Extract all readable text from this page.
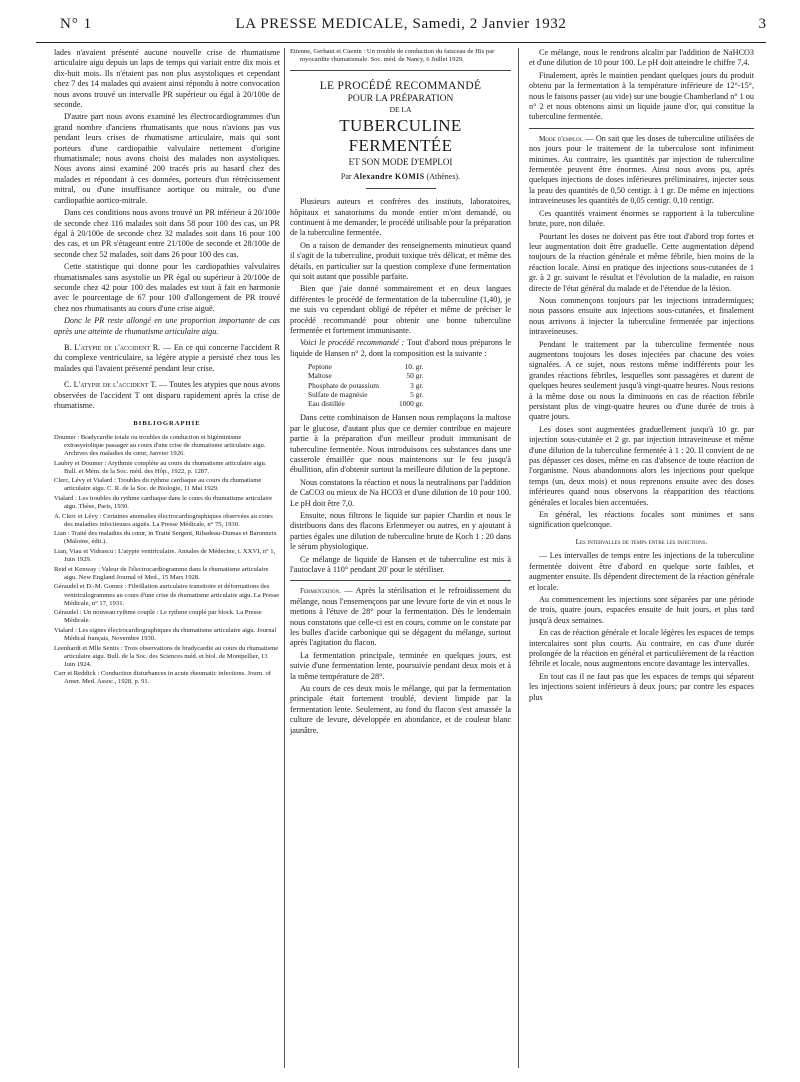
N° 1	LA PRESSE MEDICALE, Samedi, 2 Janvier 1932	3

lades n'avaient présenté aucune nouvelle crise de rhumatisme articulaire aigu depuis un laps de temps qui variait entre dix mois et dix-huit mois. Ils n'étaient pas non plus asystoliques et cependant chez 7 des 14 malades qui avaient ainsi répondu à notre convocation nous avons trouvé un intervalle PR supérieur ou égal à 20/100e de seconde.

D'autre part nous avons examiné les électrocardiogrammes d'un grand nombre d'anciens rhumatisants que nous n'avions pas vus pendant leurs crises de rhumatisme articulaire, mais qui sont porteurs d'une cardiopathie valvulaire nettement d'origine rhumatismale; nous avons choisi des malades non asystoliques. Nous avons ainsi examiné 200 tracés pris au hasard chez des malades et répondant à ces données, porteurs d'un rétrécissement mitral, ou d'une insuffisance aortique ou mitrale, ou d'une cardiopathie aortico-mitrale.

Dans ces conditions nous avons trouvé un PR inférieur à 20/100e de seconde chez 116 malades soit dans 58 pour 100 des cas, un PR égal à 20/100e de seconde chez 32 malades soit dans 16 pour 100 des cas, et un PR s'étageant entre 21/100e de seconde et 28/100e de seconde chez 52 malades, soit dans 26 pour 100 des cas.

Cette statistique qui donne pour les cardiopathies valvulaires rhumatismales sans asystolie un PR égal ou supérieur à 20/100e de seconde chez 42 pour 100 des malades est tout à fait en harmonie avec le pourcentage de 67 pour 100 d'allongement de PR trouvé chez nos rhumatisants au cours d'une crise aiguë.

Donc le PR reste allongé en une proportion importante de cas après une atteinte de rhumatisme articulaire aigu.

B. L'atypie de l'accident R. — En ce qui concerne l'accident R du complexe ventriculaire, sa légère atypie a persisté chez tous les malades qui l'avaient présenté pendant leur crise.

C. L'atypie de l'accident T. — Toutes les atypies que nous avons observées de l'accident T ont disparu rapidement après la crise de rhumatisme.

BIBLIOGRAPHIE
Doumer : Bradycardie totale ou troubles de conduction et bigéminisme extrasystolique passager au cours d'une crise de rhumatisme articulaire aigu. Archives des maladies du cœur, Janvier 1926.
Laubry et Doumer : Arythmie complète au cours du rhumatisme articulaire aigu. Bull. et Mém. de la Soc. méd. des Hôp., 1922, p. 1287.
Clerc, Lévy et Vialard : Troubles du rythme cardiaque au cours du rhumatisme articulaire aigu. C. R. de la Soc. de Biologie, 11 Mai 1929.
Vialard : Les troubles du rythme cardiaque dans le cours du rhumatisme articulaire aigu. Thèse, Paris, 1930.
A. Clerc et Lévy : Certaines anomalies électrocardiographiques observées au cours des maladies infectieuses aiguës. La Presse Médicale, n° 75, 1930.
Lian : Traité des maladies du cœur, in Traité Sergent, Ribadeau-Dumas et Baronneix (Maloine, édit.).
Lian, Viau et Vidrascu : L'atypie ventriculaire. Annales de Médecine, t. XXVI, n° 1, Juin 1929.
Reid et Kenway : Valeur de l'électrocardiogramme dans le rhumatisme articulaire aigu. New England Journal of Med., 15 Mars 1928.
Géraudel et D.-M. Gomez : Fibrillation auriculaire transitoire et déformations des ventriculogrammes au cours d'une crise de rhumatisme articulaire aigu. La Presse Médicale, n° 17, 1931.
Géraudel : Un nouveau rythme couplé : Le rythme couplé par block. La Presse Médicale.
Vialard : Les signes électrocardiographiques du rhumatisme articulaire aigu. Journal Médical français, Novembre 1930.
Leenhardt et Mlle Sentis : Trois observations de bradycardie au cours du rhumatisme articulaire aigu. Bull. de la Soc. des Sciences méd. et biol. de Montpellier, 13 Juin 1924.
Carr et Reddick : Conduction disturbances in acute rheumatic infections. Journ. of Amer. Med. Assoc., 1928, p. 91.
Etienne, Gerbaut et Cuenin : Un trouble de conduction du faisceau de His par myocardite rhumatismale. Soc. méd. de Nancy, 6 Juillet 1929.
LE PROCÉDÉ RECOMMANDÉ
POUR LA PRÉPARATION
DE LA
TUBERCULINE FERMENTÉE
ET SON MODE D'EMPLOI
Par Alexandre KOMIS (Athènes).

Plusieurs auteurs et confrères des instituts, laboratoires, hôpitaux et sanatoriums du monde entier m'ont demandé, ou continuent à me demander, le procédé utilisable pour la préparation de la tuberculine fermentée.

On a raison de demander des renseignements minutieux quand il s'agit de la tuberculine, produit toxique très délicat, et même des détails, en particulier sur la question complexe d'une fermentation qui soit autant que possible parfaite.

Bien que j'aie donné sommairement et en deux langues différentes le procédé de fermentation de la tuberculine (1,40), je me suis vu cependant obligé de répéter et même de préciser le procédé recommandé pour obtenir une bonne tuberculine fermentée et fortement immunisante.

Voici le procédé recommandé : Tout d'abord nous préparons le liquide de Hansen n° 2, dont la composition est la suivante :

Peptone	10. gr.
Maltose	50 gr.
Phosphate de potassium	3 gr.
Sulfate de magnésie	5 gr.
Eau distillée	1000 gr.

Dans cette combinaison de Hansen nous remplaçons la maltose par le glucose, d'autant plus que ce dernier contribue en majeure partie à la préparation d'un meilleur produit immunisant de tuberculine fermentée. Nous introduisons ces substances dans une casserole émaillée que nous maintenons sur le feu jusqu'à ébullition, afin d'obtenir surtout la meilleure dilution de la peptone.

Nous constatons la réaction et nous la neutralisons par l'addition de CaCO3 ou mieux de Na HCO3 et d'une dilution de 10 pour 100. Le pH doit être 7,0.

Ensuite, nous filtrons le liquide sur papier Chardin et nous le distribuons dans des flacons Erlenmeyer ou autres, en y ajoutant à parties égales une dilution de tuberculine brute de Koch 1 : 20 dans le sérum physiologique.

Ce mélange de liquide de Hansen et de tuberculine est mis à l'autoclave à 110° pendant 20' pour le stériliser.

Fermentation. — Après la stérilisation et le refroidissement du mélange, nous l'ensemençons par une levure forte de vin et nous le mettons à l'étuve de 28° pour la fermentation. Dès le lendemain nous constatons que celle-ci est en cours, comme on le constate par les bulles d'acide carbonique qui se dégagent du mélange, surtout après l'agitation du flacon.

La fermentation principale, terminée en quelques jours, est suivie d'une fermentation lente, poursuivie pendant deux mois et à la même température de 28°.

Au cours de ces deux mois le mélange, qui par la fermentation principale était fortement troublé, devient limpide par la fermentation lente. Seulement, au fond du flacon s'est amassée la culture de levure, développée en abondance, et de couleur blanc jaunâtre.

Ce mélange, nous le rendrons alcalin par l'addition de NaHCO3 et d'une dilution de 10 pour 100. Le pH doit atteindre le chiffre 7,4.

Finalement, après le maintien pendant quelques jours du produit obtenu par la fermentation à la température inférieure de 12°-15°, nous le faisons passer (au vide) sur une bougie Chamberland n° 1 ou n° 2 et nous obtenons ainsi un liquide jaune d'or, qui constitue la tuberculine fermentée.

Mode d'emploi. — On sait que les doses de tuberculine utilisées de nos jours pour le traitement de la tuberculose sont infiniment minimes. Au contraire, les quantités par injection de tuberculine fermentée peuvent être énormes. Ainsi nous avons pu, après quelques injections de doses inférieures préliminaires, injecter sous la peau des quantités de 0,50 centigr. à 1 gr. De même en injections intraveineuses les quantités de 0,05 centigr. 0,10 centigr.

Ces quantités vraiment énormes se rapportent à la tuberculine brute, pure, non diluée.

Pourtant les doses ne doivent pas être tout d'abord trop fortes et leur augmentation doit être graduelle. Cette augmentation dépend toujours de la réaction générale et même fébrile, bien moins de la réaction locale. Ainsi en pratique des injections sous-cutanées de 1 gr. à 2 gr. suivant le résultat et l'évolution de la maladie, en raison directe de l'état général du malade et de l'étendue de la lésion.

Nous commençons toujours par les injections intradermiques; nous passons ensuite aux injections sous-cutanées, et finalement nous arrivons à injecter la tuberculine fermentée par injections intraveineuses.

Pendant le traitement par la tuberculine fermentée nous augmentons toujours les doses injectées par chacune des voies signalées. A ce sujet, nous restons même indifférents pour les grandes réactions fébriles, lesquelles sont passagères et durent de quelques heures seulement jusqu'à vingt-quatre heures. Nous restons à la même dose ou nous la diminuons en cas de réaction fébrile persistant plus de vingt-quatre heures ou d'une durée de trois à quatre jours.

Les doses sont augmentées graduellement jusqu'à 10 gr. par injection sous-cutanée et 2 gr. par injection intraveineuse et même d'une dilution de la tuberculine fermentée à 1 : 20. Il convient de ne pas dépasser ces doses, même en cas d'absence de toute réaction de l'organisme. Nous abandonnons alors les injections pour quelque temps (un, deux mois) et nous reprenons ensuite avec des doses inférieures quand nous observons la réapparition des réactions générales et locales bien accentuées.

En général, les réactions focales sont minimes et sans signification quelconque.

Les intervalles de temps entre les injections.

— Les intervalles de temps entre les injections de la tuberculine fermentée doivent être d'abord en quelque sorte faibles, et augmenter ensuite. Ils dépendent directement de la réaction générale et locale.

Au commencement les injections sont séparées par une période de trois, quatre jours, espacées ensuite de huit jours, et plus tard jusqu'à deux semaines.

En cas de réaction générale et locale légères les espaces de temps intercalaires sont plus courts. Au contraire, en cas d'une durée prolongée de la réaction en général et particulièrement de la réaction fébrile et locale, nous augmentons encore davantage les intervalles.

En tout cas il ne faut pas que les espaces de temps qui séparent les injections soient inférieurs à deux jours; par contre les espaces plus
